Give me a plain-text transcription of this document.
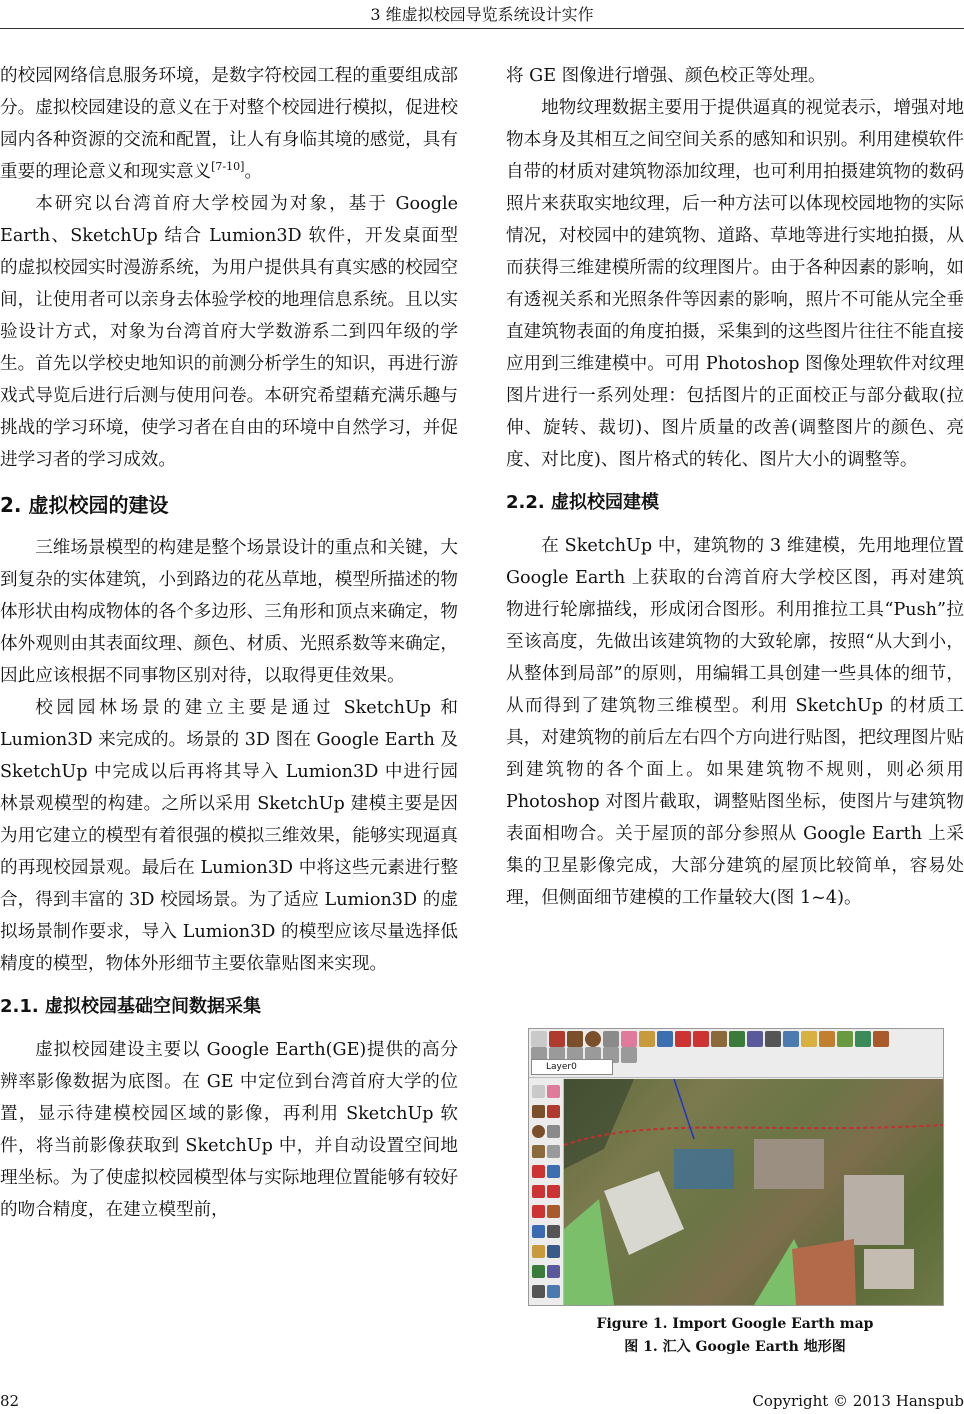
3 维虚拟校园导览系统设计实作

的校园网络信息服务环境，是数字符校园工程的重要组成部分。虚拟校园建设的意义在于对整个校园进行模拟，促进校园内各种资源的交流和配置，让人有身临其境的感觉，具有重要的理论意义和现实意义[7-10]。

本研究以台湾首府大学校园为对象，基于 Google Earth、SketchUp 结合 Lumion3D 软件，开发桌面型的虚拟校园实时漫游系统，为用户提供具有真实感的校园空间，让使用者可以亲身去体验学校的地理信息系统。且以实验设计方式，对象为台湾首府大学数游系二到四年级的学生。首先以学校史地知识的前测分析学生的知识，再进行游戏式导览后进行后测与使用问卷。本研究希望藉充满乐趣与挑战的学习环境，使学习者在自由的环境中自然学习，并促进学习者的学习成效。

2. 虚拟校园的建设

三维场景模型的构建是整个场景设计的重点和关键，大到复杂的实体建筑，小到路边的花丛草地，模型所描述的物体形状由构成物体的各个多边形、三角形和顶点来确定，物体外观则由其表面纹理、颜色、材质、光照系数等来确定，因此应该根据不同事物区别对待，以取得更佳效果。

校园园林场景的建立主要是通过 SketchUp 和 Lumion3D 来完成的。场景的 3D 图在 Google Earth 及 SketchUp 中完成以后再将其导入 Lumion3D 中进行园林景观模型的构建。之所以采用 SketchUp 建模主要是因为用它建立的模型有着很强的模拟三维效果，能够实现逼真的再现校园景观。最后在 Lumion3D 中将这些元素进行整合，得到丰富的 3D 校园场景。为了适应 Lumion3D 的虚拟场景制作要求，导入 Lumion3D 的模型应该尽量选择低精度的模型，物体外形细节主要依靠贴图来实现。

2.1. 虚拟校园基础空间数据采集

虚拟校园建设主要以 Google Earth(GE)提供的高分辨率影像数据为底图。在 GE 中定位到台湾首府大学的位置，显示待建模校园区域的影像，再利用 SketchUp 软件，将当前影像获取到 SketchUp 中，并自动设置空间地理坐标。为了使虚拟校园模型体与实际地理位置能够有较好的吻合精度，在建立模型前，

将 GE 图像进行增强、颜色校正等处理。

地物纹理数据主要用于提供逼真的视觉表示，增强对地物本身及其相互之间空间关系的感知和识别。利用建模软件自带的材质对建筑物添加纹理，也可利用拍摄建筑物的数码照片来获取实地纹理，后一种方法可以体现校园地物的实际情况，对校园中的建筑物、道路、草地等进行实地拍摄，从而获得三维建模所需的纹理图片。由于各种因素的影响，如有透视关系和光照条件等因素的影响，照片不可能从完全垂直建筑物表面的角度拍摄，采集到的这些图片往往不能直接应用到三维建模中。可用 Photoshop 图像处理软件对纹理图片进行一系列处理：包括图片的正面校正与部分截取(拉伸、旋转、裁切)、图片质量的改善(调整图片的颜色、亮度、对比度)、图片格式的转化、图片大小的调整等。

2.2. 虚拟校园建模

在 SketchUp 中，建筑物的 3 维建模，先用地理位置 Google Earth 上获取的台湾首府大学校区图，再对建筑物进行轮廓描线，形成闭合图形。利用推拉工具“Push”拉至该高度，先做出该建筑物的大致轮廓，按照“从大到小，从整体到局部”的原则，用编辑工具创建一些具体的细节，从而得到了建筑物三维模型。利用 SketchUp 的材质工具，对建筑物的前后左右四个方向进行贴图，把纹理图片贴到建筑物的各个面上。如果建筑物不规则，则必须用 Photoshop 对图片截取，调整贴图坐标，使图片与建筑物表面相吻合。关于屋顶的部分参照从 Google Earth 上采集的卫星影像完成，大部分建筑的屋顶比较简单，容易处理，但侧面细节建模的工作量较大(图 1~4)。

Layer0
Figure 1. Import Google Earth map
图 1. 汇入 Google Earth 地形图
82	Copyright © 2013 Hanspub
